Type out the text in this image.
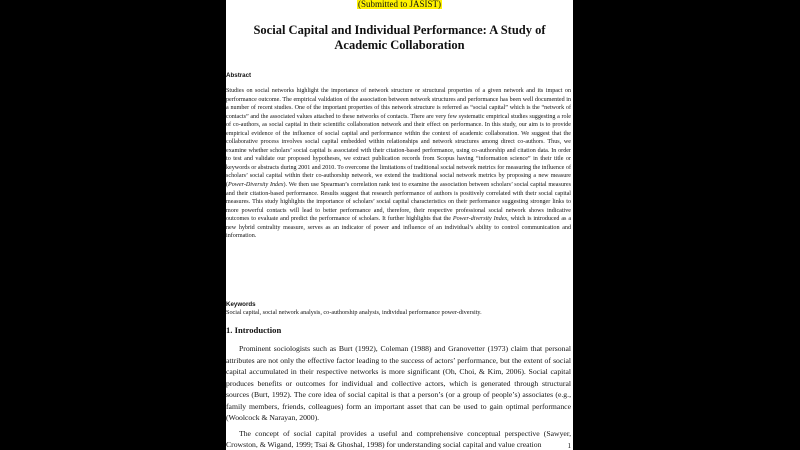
(Submitted to JASIST)
Social Capital and Individual Performance: A Study of Academic Collaboration
Abstract

Studies on social networks highlight the importance of network structure or structural properties of a given network and its impact on performance outcome. The empirical validation of the association between network structures and performance has been well documented in a number of recent studies. One of the important properties of this network structure is referred as “social capital” which is the “network of contacts” and the associated values attached to these networks of contacts. There are very few systematic empirical studies suggesting a role of co-authors, as social capital in their scientific collaboration network and their effect on performance. In this study, our aim is to provide empirical evidence of the influence of social capital and performance within the context of academic collaboration. We suggest that the collaborative process involves social capital embedded within relationships and network structures among direct co-authors. Thus, we examine whether scholars’ social capital is associated with their citation-based performance, using co-authorship and citation data. In order to test and validate our proposed hypotheses, we extract publication records from Scopus having “information science” in their title or keywords or abstracts during 2001 and 2010. To overcome the limitations of traditional social network metrics for measuring the influence of scholars’ social capital within their co-authorship network, we extend the traditional social network metrics by proposing a new measure (Power-Diversity Index). We then use Spearman’s correlation rank test to examine the association between scholars’ social capital measures and their citation-based performance. Results suggest that research performance of authors is positively correlated with their social capital measures. This study highlights the importance of scholars’ social capital characteristics on their performance suggesting stronger links to more powerful contacts will lead to better performance and, therefore, their respective professional social network shows indicative outcomes to evaluate and predict the performance of scholars. It further highlights that the Power-diversity Index, which is introduced as a new hybrid centrality measure, serves as an indicator of power and influence of an individual’s ability to control communication and information.

Keywords
Social capital, social network analysis, co-authorship analysis, individual performance power-diversity.
1. Introduction

Prominent sociologists such as Burt (1992), Coleman (1988) and Granovetter (1973) claim that personal attributes are not only the effective factor leading to the success of actors’ performance, but the extent of social capital accumulated in their respective networks is more significant (Oh, Choi, & Kim, 2006). Social capital produces benefits or outcomes for individual and collective actors, which is generated through structural sources (Burt, 1992). The core idea of social capital is that a person’s (or a group of people’s) associates (e.g., family members, friends, colleagues) form an important asset that can be used to gain optimal performance (Woolcock & Narayan, 2000).

The concept of social capital provides a useful and comprehensive conceptual perspective (Sawyer, Crowston, & Wigand, 1999; Tsai & Ghoshal, 1998) for understanding social capital and value creation	1
